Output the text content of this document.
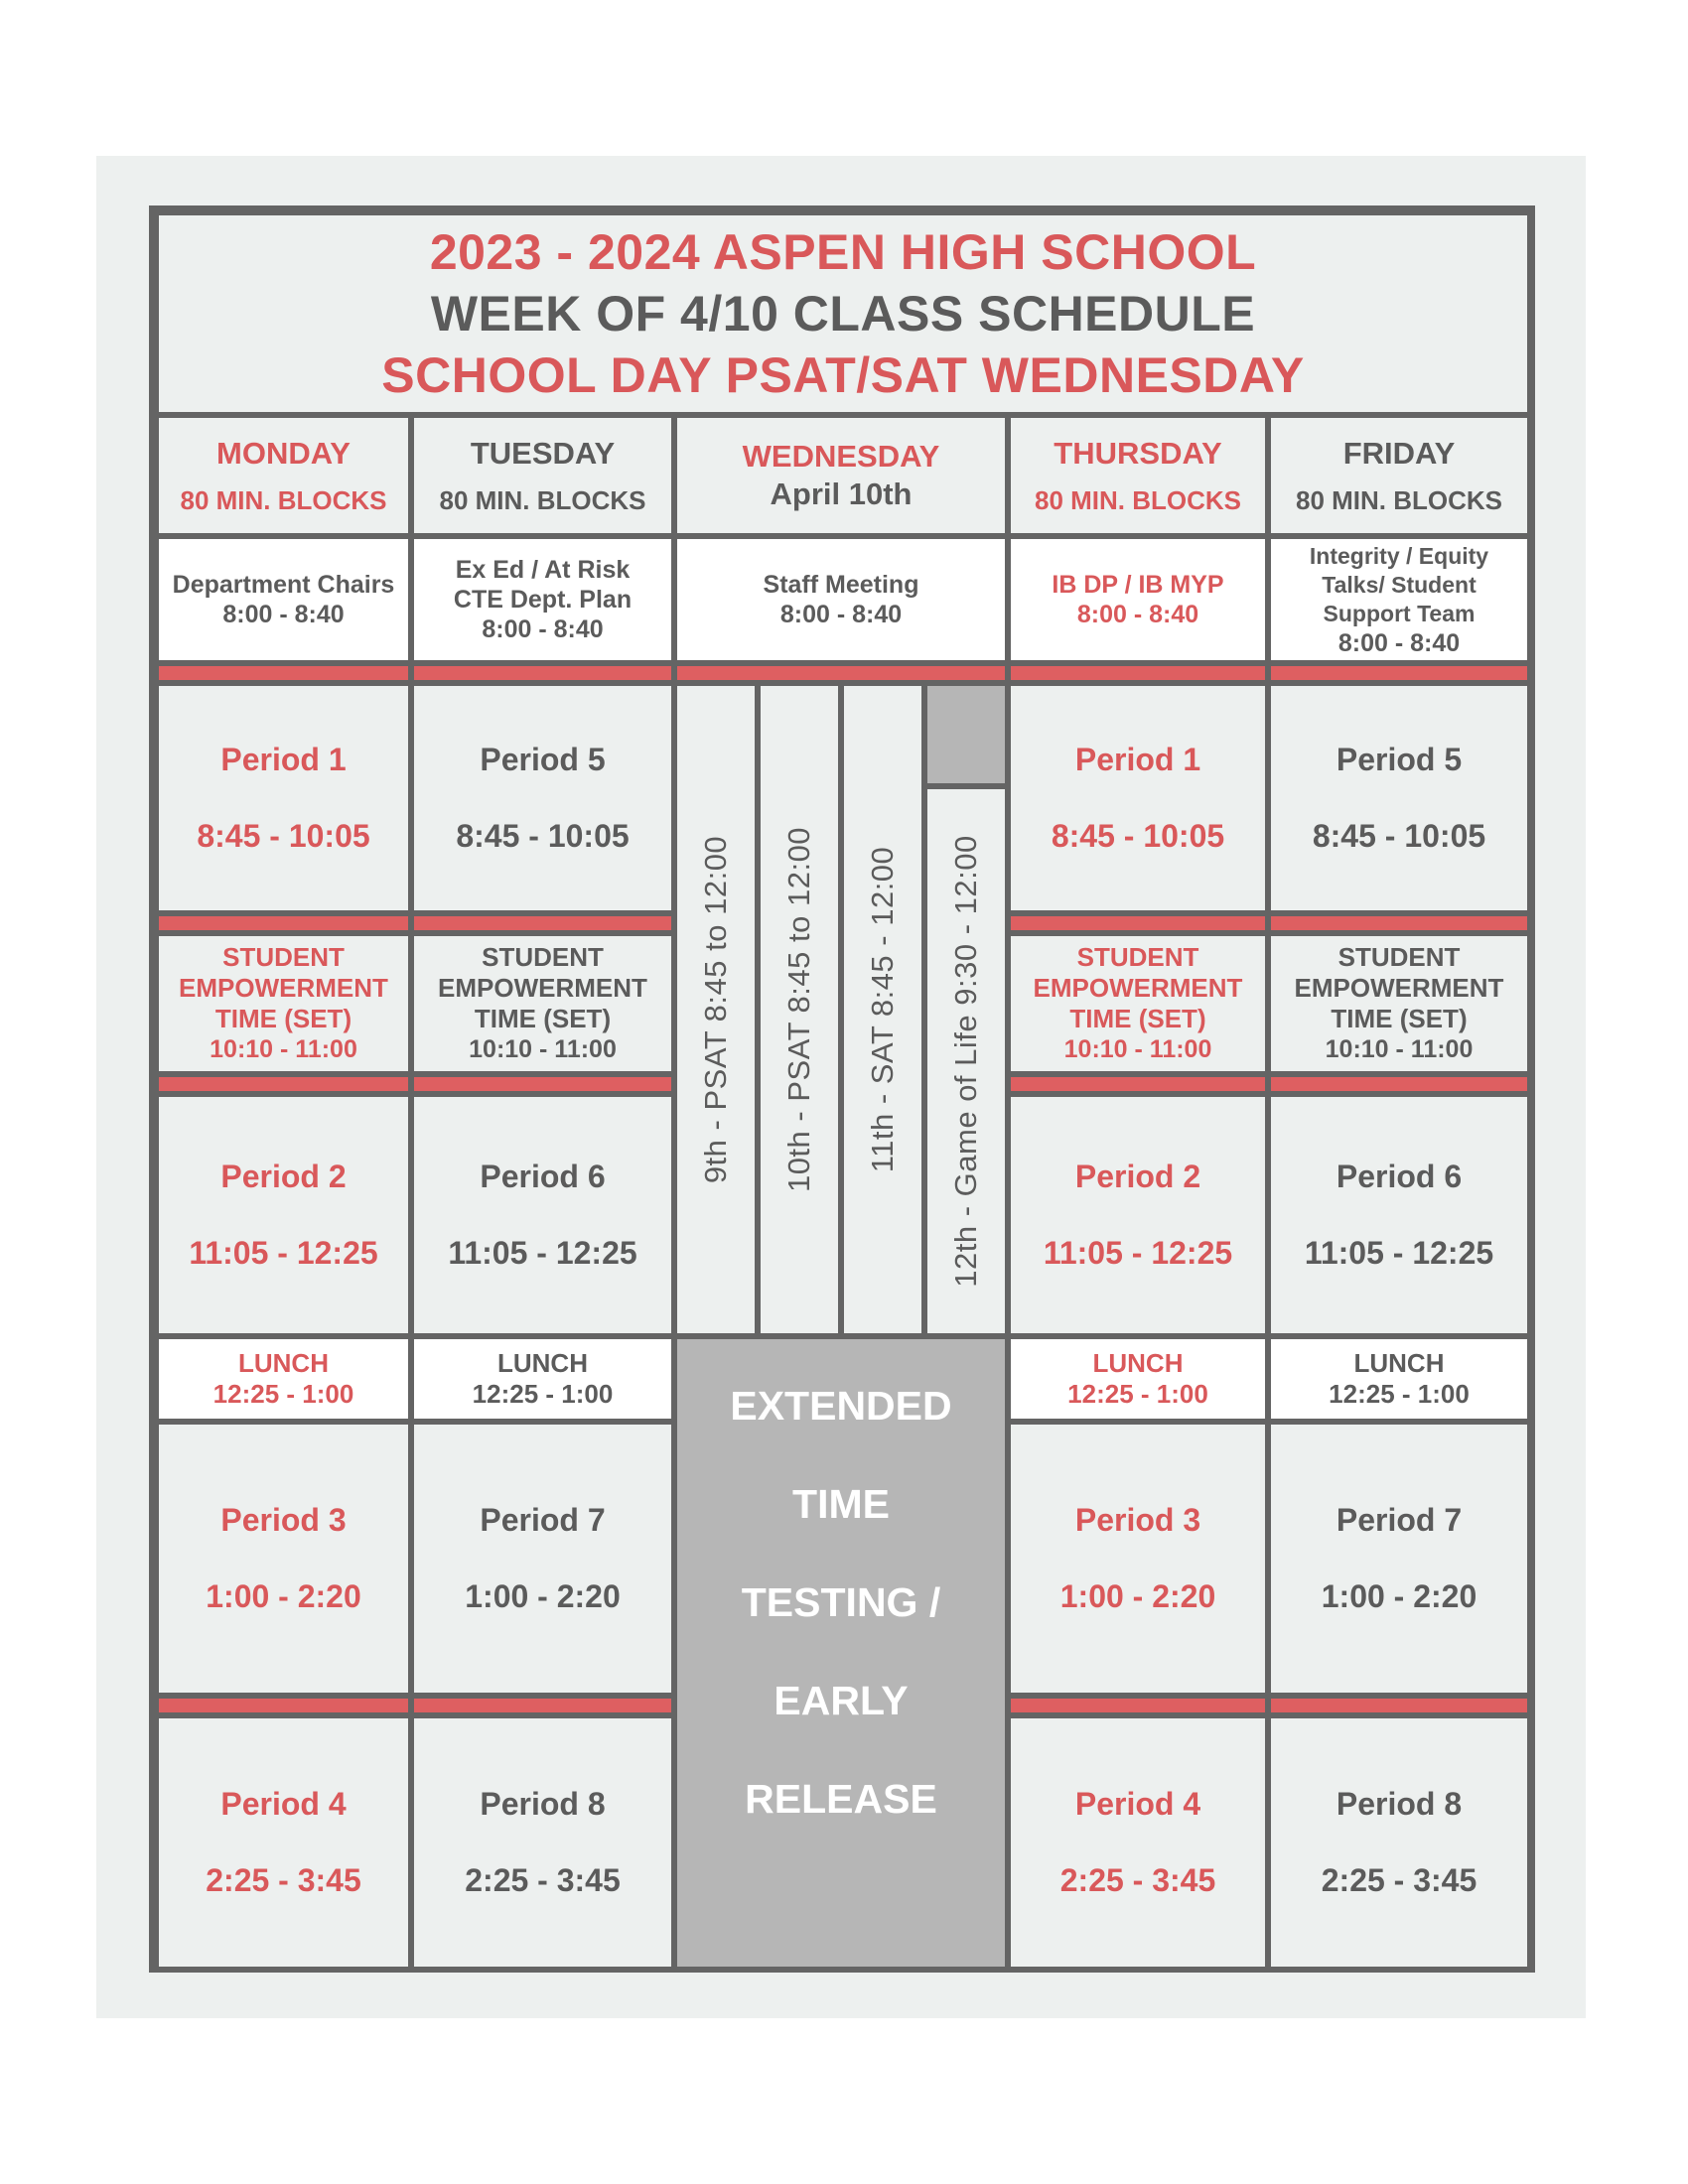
2023 - 2024 ASPEN HIGH SCHOOL
WEEK OF 4/10 CLASS SCHEDULE
SCHOOL DAY PSAT/SAT WEDNESDAY
MONDAY
80 MIN. BLOCKS
TUESDAY
80 MIN. BLOCKS
WEDNESDAY
April 10th
THURSDAY
80 MIN. BLOCKS
FRIDAY
80 MIN. BLOCKS
Department Chairs
8:00 - 8:40
Ex Ed / At Risk
CTE Dept. Plan
8:00 - 8:40
Staff Meeting
8:00 - 8:40
IB DP / IB MYP
8:00 - 8:40
Integrity / Equity
Talks/ Student
Support Team
8:00 - 8:40
Period 1
8:45 - 10:05
Period 5
8:45 - 10:05
Period 1
8:45 - 10:05
Period 5
8:45 - 10:05
STUDENT
EMPOWERMENT
TIME (SET)
10:10 - 11:00
STUDENT
EMPOWERMENT
TIME (SET)
10:10 - 11:00
STUDENT
EMPOWERMENT
TIME (SET)
10:10 - 11:00
STUDENT
EMPOWERMENT
TIME (SET)
10:10 - 11:00
Period 2
11:05 - 12:25
Period 6
11:05 - 12:25
Period 2
11:05 - 12:25
Period 6
11:05 - 12:25
9th - PSAT 8:45 to 12:00 10th - PSAT 8:45 to 12:00 11th - SAT 8:45 - 12:00 12th - Game of Life 9:30 - 12:00
LUNCH
12:25 - 1:00
LUNCH
12:25 - 1:00
LUNCH
12:25 - 1:00
LUNCH
12:25 - 1:00
EXTENDED
TIME
TESTING /
EARLY
RELEASE
Period 3
1:00 - 2:20
Period 7
1:00 - 2:20
Period 3
1:00 - 2:20
Period 7
1:00 - 2:20
Period 4
2:25 - 3:45
Period 8
2:25 - 3:45
Period 4
2:25 - 3:45
Period 8
2:25 - 3:45
